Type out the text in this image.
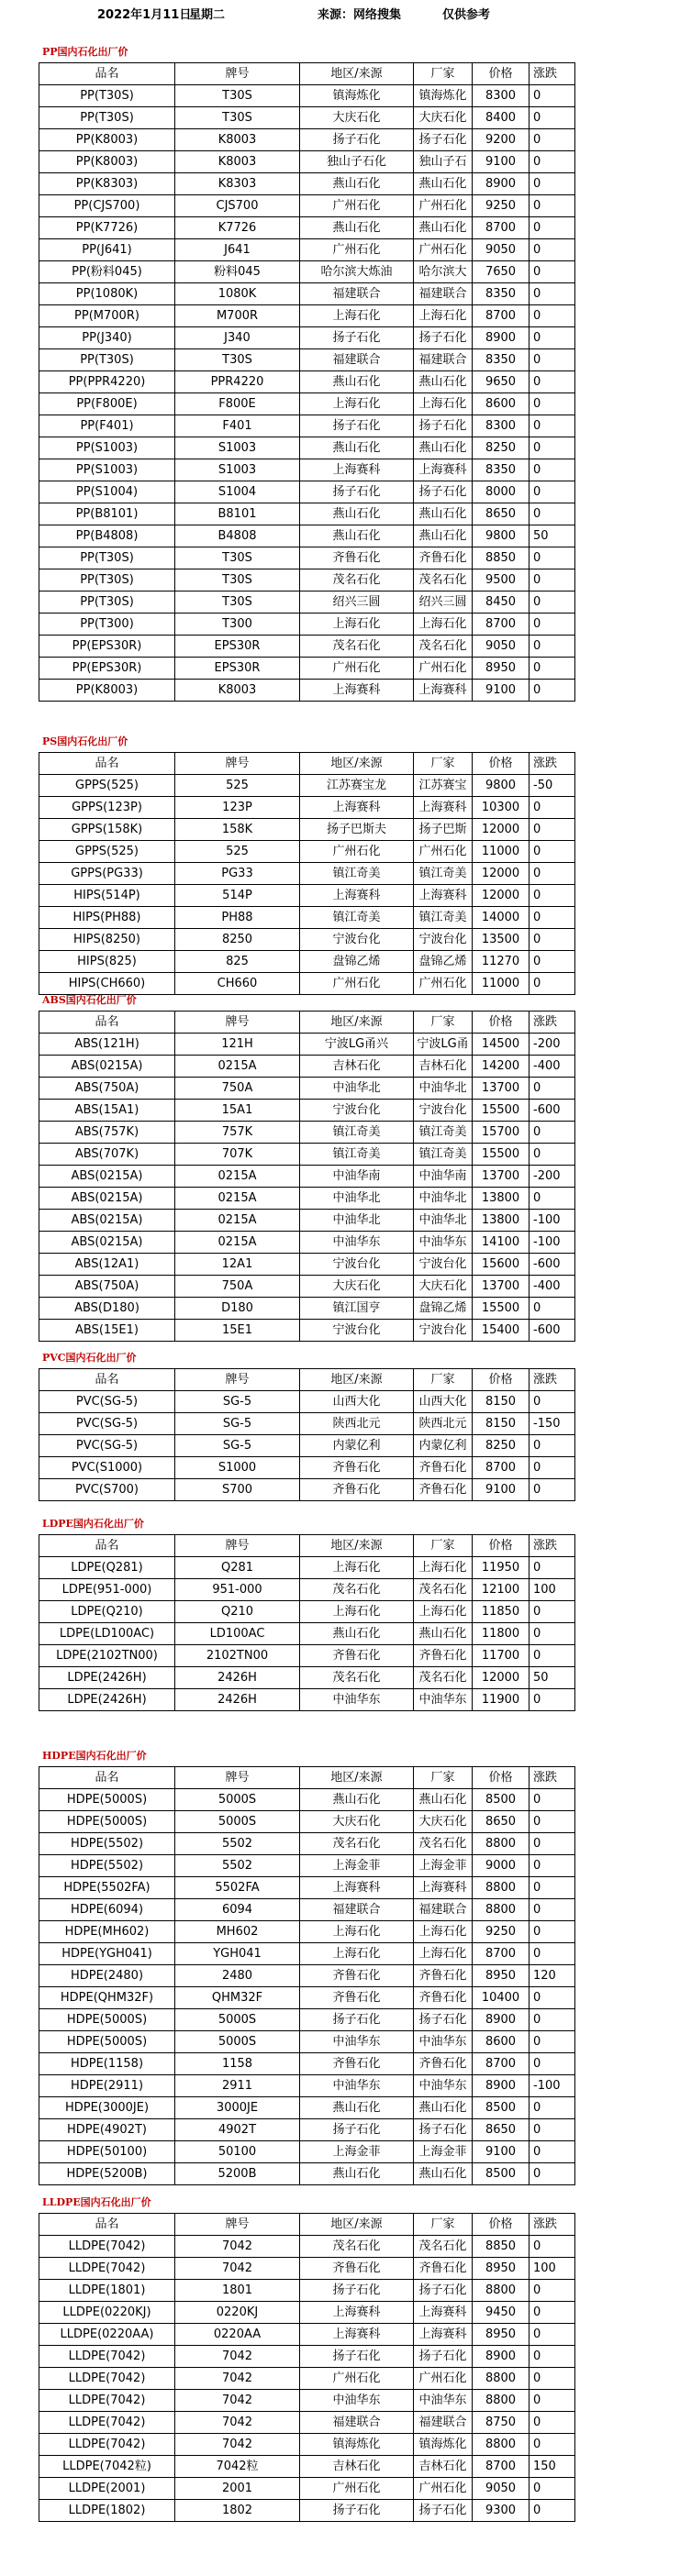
2022年1月11日
星期二	来源：网络搜集	仅供参考
PP国内石化出厂价
品名	牌号	地区/来源	厂家	价格	涨跌
PP(T30S)	T30S	镇海炼化	镇海炼化	8300	0
PP(T30S)	T30S	大庆石化	大庆石化	8400	0
PP(K8003)	K8003	扬子石化	扬子石化	9200	0
PP(K8003)	K8003	独山子石化	独山子石	9100	0
PP(K8303)	K8303	燕山石化	燕山石化	8900	0
PP(CJS700)	CJS700	广州石化	广州石化	9250	0
PP(K7726)	K7726	燕山石化	燕山石化	8700	0
PP(J641)	J641	广州石化	广州石化	9050	0
PP(粉料045)	粉料045	哈尔滨大炼油	哈尔滨大	7650	0
PP(1080K)	1080K	福建联合	福建联合	8350	0
PP(M700R)	M700R	上海石化	上海石化	8700	0
PP(J340)	J340	扬子石化	扬子石化	8900	0
PP(T30S)	T30S	福建联合	福建联合	8350	0
PP(PPR4220)	PPR4220	燕山石化	燕山石化	9650	0
PP(F800E)	F800E	上海石化	上海石化	8600	0
PP(F401)	F401	扬子石化	扬子石化	8300	0
PP(S1003)	S1003	燕山石化	燕山石化	8250	0
PP(S1003)	S1003	上海赛科	上海赛科	8350	0
PP(S1004)	S1004	扬子石化	扬子石化	8000	0
PP(B8101)	B8101	燕山石化	燕山石化	8650	0
PP(B4808)	B4808	燕山石化	燕山石化	9800	50
PP(T30S)	T30S	齐鲁石化	齐鲁石化	8850	0
PP(T30S)	T30S	茂名石化	茂名石化	9500	0
PP(T30S)	T30S	绍兴三圆	绍兴三圆	8450	0
PP(T300)	T300	上海石化	上海石化	8700	0
PP(EPS30R)	EPS30R	茂名石化	茂名石化	9050	0
PP(EPS30R)	EPS30R	广州石化	广州石化	8950	0
PP(K8003)	K8003	上海赛科	上海赛科	9100	0
PS国内石化出厂价
品名	牌号	地区/来源	厂家	价格	涨跌
GPPS(525)	525	江苏赛宝龙	江苏赛宝	9800	-50
GPPS(123P)	123P	上海赛科	上海赛科	10300	0
GPPS(158K)	158K	扬子巴斯夫	扬子巴斯	12000	0
GPPS(525)	525	广州石化	广州石化	11000	0
GPPS(PG33)	PG33	镇江奇美	镇江奇美	12000	0
HIPS(514P)	514P	上海赛科	上海赛科	12000	0
HIPS(PH88)	PH88	镇江奇美	镇江奇美	14000	0
HIPS(8250)	8250	宁波台化	宁波台化	13500	0
HIPS(825)	825	盘锦乙烯	盘锦乙烯	11270	0
HIPS(CH660)	CH660	广州石化	广州石化	11000	0
ABS国内石化出厂价
品名	牌号	地区/来源	厂家	价格	涨跌
ABS(121H)	121H	宁波LG甬兴	宁波LG甬	14500	-200
ABS(0215A)	0215A	吉林石化	吉林石化	14200	-400
ABS(750A)	750A	中油华北	中油华北	13700	0
ABS(15A1)	15A1	宁波台化	宁波台化	15500	-600
ABS(757K)	757K	镇江奇美	镇江奇美	15700	0
ABS(707K)	707K	镇江奇美	镇江奇美	15500	0
ABS(0215A)	0215A	中油华南	中油华南	13700	-200
ABS(0215A)	0215A	中油华北	中油华北	13800	0
ABS(0215A)	0215A	中油华北	中油华北	13800	-100
ABS(0215A)	0215A	中油华东	中油华东	14100	-100
ABS(12A1)	12A1	宁波台化	宁波台化	15600	-600
ABS(750A)	750A	大庆石化	大庆石化	13700	-400
ABS(D180)	D180	镇江国亨	盘锦乙烯	15500	0
ABS(15E1)	15E1	宁波台化	宁波台化	15400	-600
PVC国内石化出厂价
品名	牌号	地区/来源	厂家	价格	涨跌
PVC(SG-5)	SG-5	山西大化	山西大化	8150	0
PVC(SG-5)	SG-5	陕西北元	陕西北元	8150	-150
PVC(SG-5)	SG-5	内蒙亿利	内蒙亿利	8250	0
PVC(S1000)	S1000	齐鲁石化	齐鲁石化	8700	0
PVC(S700)	S700	齐鲁石化	齐鲁石化	9100	0
LDPE国内石化出厂价
品名	牌号	地区/来源	厂家	价格	涨跌
LDPE(Q281)	Q281	上海石化	上海石化	11950	0
LDPE(951-000)	951-000	茂名石化	茂名石化	12100	100
LDPE(Q210)	Q210	上海石化	上海石化	11850	0
LDPE(LD100AC)	LD100AC	燕山石化	燕山石化	11800	0
LDPE(2102TN00)	2102TN00	齐鲁石化	齐鲁石化	11700	0
LDPE(2426H)	2426H	茂名石化	茂名石化	12000	50
LDPE(2426H)	2426H	中油华东	中油华东	11900	0
HDPE国内石化出厂价
品名	牌号	地区/来源	厂家	价格	涨跌
HDPE(5000S)	5000S	燕山石化	燕山石化	8500	0
HDPE(5000S)	5000S	大庆石化	大庆石化	8650	0
HDPE(5502)	5502	茂名石化	茂名石化	8800	0
HDPE(5502)	5502	上海金菲	上海金菲	9000	0
HDPE(5502FA)	5502FA	上海赛科	上海赛科	8800	0
HDPE(6094)	6094	福建联合	福建联合	8800	0
HDPE(MH602)	MH602	上海石化	上海石化	9250	0
HDPE(YGH041)	YGH041	上海石化	上海石化	8700	0
HDPE(2480)	2480	齐鲁石化	齐鲁石化	8950	120
HDPE(QHM32F)	QHM32F	齐鲁石化	齐鲁石化	10400	0
HDPE(5000S)	5000S	扬子石化	扬子石化	8900	0
HDPE(5000S)	5000S	中油华东	中油华东	8600	0
HDPE(1158)	1158	齐鲁石化	齐鲁石化	8700	0
HDPE(2911)	2911	中油华东	中油华东	8900	-100
HDPE(3000JE)	3000JE	燕山石化	燕山石化	8500	0
HDPE(4902T)	4902T	扬子石化	扬子石化	8650	0
HDPE(50100)	50100	上海金菲	上海金菲	9100	0
HDPE(5200B)	5200B	燕山石化	燕山石化	8500	0
LLDPE国内石化出厂价
品名	牌号	地区/来源	厂家	价格	涨跌
LLDPE(7042)	7042	茂名石化	茂名石化	8850	0
LLDPE(7042)	7042	齐鲁石化	齐鲁石化	8950	100
LLDPE(1801)	1801	扬子石化	扬子石化	8800	0
LLDPE(0220KJ)	0220KJ	上海赛科	上海赛科	9450	0
LLDPE(0220AA)	0220AA	上海赛科	上海赛科	8950	0
LLDPE(7042)	7042	扬子石化	扬子石化	8900	0
LLDPE(7042)	7042	广州石化	广州石化	8800	0
LLDPE(7042)	7042	中油华东	中油华东	8800	0
LLDPE(7042)	7042	福建联合	福建联合	8750	0
LLDPE(7042)	7042	镇海炼化	镇海炼化	8800	0
LLDPE(7042粒)	7042粒	吉林石化	吉林石化	8700	150
LLDPE(2001)	2001	广州石化	广州石化	9050	0
LLDPE(1802)	1802	扬子石化	扬子石化	9300	0
